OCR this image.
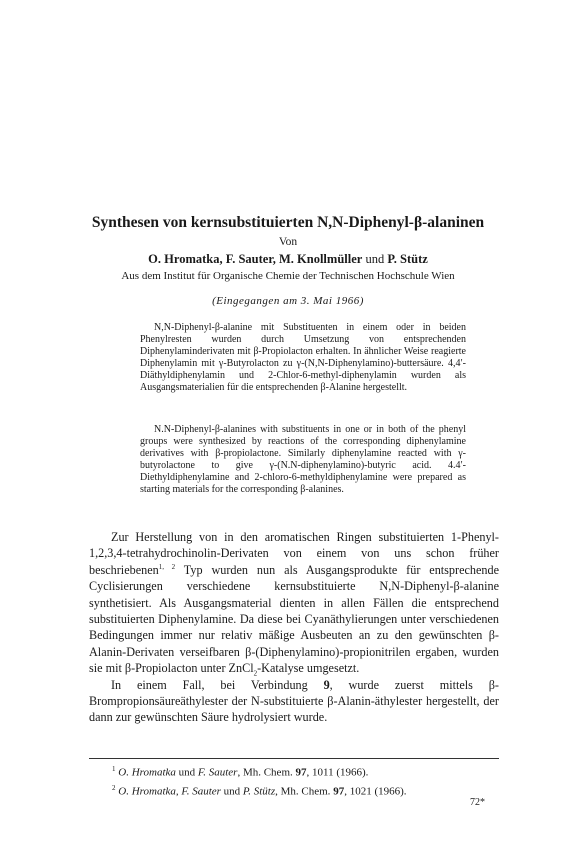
Synthesen von kernsubstituierten N,N-Diphenyl-β-alaninen
Von
O. Hromatka, F. Sauter, M. Knollmüller und P. Stütz
Aus dem Institut für Organische Chemie der Technischen Hochschule Wien
(Eingegangen am 3. Mai 1966)

N,N-Diphenyl-β-alanine mit Substituenten in einem oder in beiden Phenylresten wurden durch Umsetzung von entsprechenden Diphenylaminderivaten mit β-Propiolacton erhalten. In ähnlicher Weise reagierte Diphenylamin mit γ-Butyrolacton zu γ-(N,N-Diphenylamino)-buttersäure. 4,4′-Diäthyldiphenylamin und 2-Chlor-6-methyl-diphenylamin wurden als Ausgangsmaterialien für die entsprechenden β-Alanine hergestellt.

N.N-Diphenyl-β-alanines with substituents in one or in both of the phenyl groups were synthesized by reactions of the corresponding diphenylamine derivatives with β-propiolactone. Similarly diphenylamine reacted with γ-butyrolactone to give γ-(N.N-diphenylamino)-butyric acid. 4.4′-Diethyldiphenylamine and 2-chloro-6-methyldiphenylamine were prepared as starting materials for the corresponding β-alanines.

Zur Herstellung von in den aromatischen Ringen substituierten 1-Phenyl-1,2,3,4-tetrahydrochinolin-Derivaten von einem von uns schon früher beschriebenen$^{1, 2}$ Typ wurden nun als Ausgangsprodukte für entsprechende Cyclisierungen verschiedene kernsubstituierte N,N-Diphenyl-β-alanine synthetisiert. Als Ausgangsmaterial dienten in allen Fällen die entsprechend substituierten Diphenylamine. Da diese bei Cyanäthylierungen unter verschiedenen Bedingungen immer nur relativ mäßige Ausbeuten an zu den gewünschten β-Alanin-Derivaten verseifbaren β-(Diphenylamino)-propionitrilen ergaben, wurden sie mit β-Propiolacton unter ZnCl$_2$-Katalyse umgesetzt.

In einem Fall, bei Verbindung 9, wurde zuerst mittels β-Brompropionsäureäthylester der N-substituierte β-Alanin-äthylester hergestellt, der dann zur gewünschten Säure hydrolysiert wurde.

$^1$ O. Hromatka und F. Sauter, Mh. Chem. 97, 1011 (1966).
$^2$ O. Hromatka, F. Sauter und P. Stütz, Mh. Chem. 97, 1021 (1966).
72*
